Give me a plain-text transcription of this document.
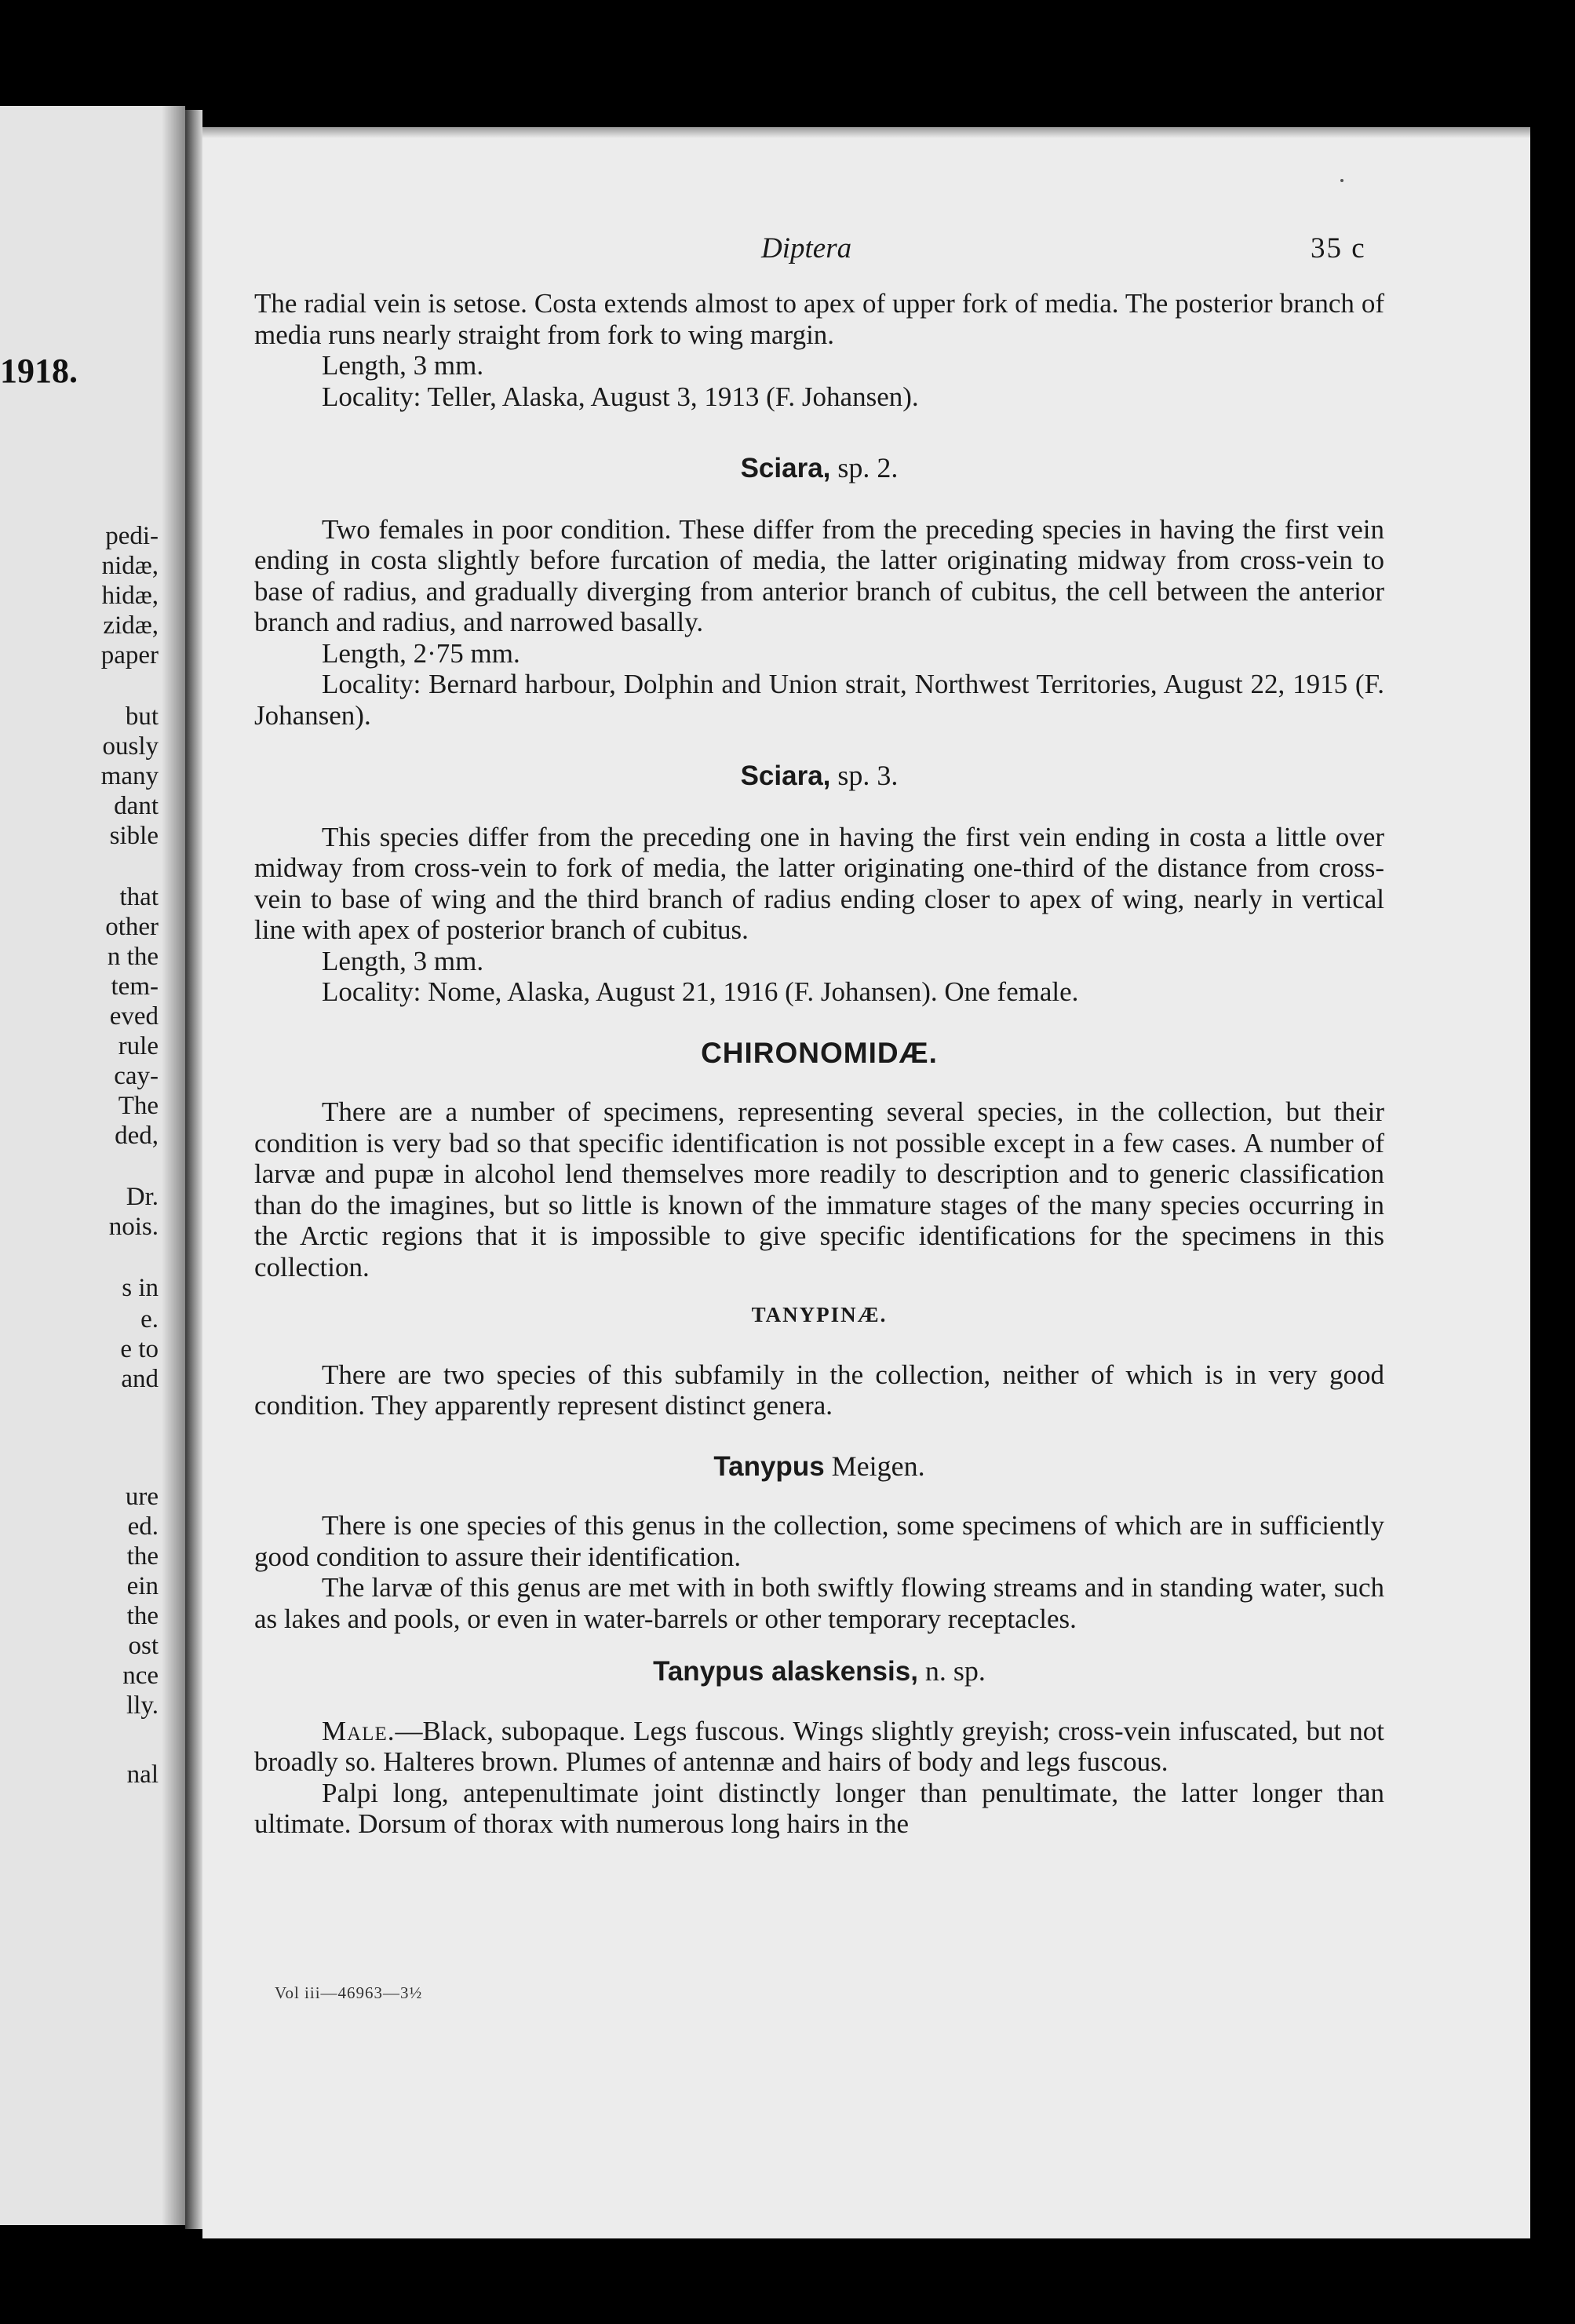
1918.
pedi-
nidæ,
hidæ,
zidæ,
paper
but
ously
many
dant
sible
that
other
n the
tem-
eved
rule
cay-
The
ded,
Dr.
nois.
s in
e.
e to
and
ure
ed.
the
ein
the
ost
nce
lly.
nal
Diptera	35 c

The radial vein is setose. Costa extends almost to apex of upper fork of media. The posterior branch of media runs nearly straight from fork to wing margin.

Length, 3 mm.

Locality: Teller, Alaska, August 3, 1913 (F. Johansen).

Sciara, sp. 2.

Two females in poor condition. These differ from the preceding species in having the first vein ending in costa slightly before furcation of media, the latter originating midway from cross-vein to base of radius, and gradually diverging from anterior branch of cubitus, the cell between the anterior branch and radius, and narrowed basally.

Length, 2·75 mm.

Locality: Bernard harbour, Dolphin and Union strait, Northwest Territories, August 22, 1915 (F. Johansen).

Sciara, sp. 3.

This species differ from the preceding one in having the first vein ending in costa a little over midway from cross-vein to fork of media, the latter originating one-third of the distance from cross-vein to base of wing and the third branch of radius ending closer to apex of wing, nearly in vertical line with apex of posterior branch of cubitus.

Length, 3 mm.

Locality: Nome, Alaska, August 21, 1916 (F. Johansen). One female.

CHIRONOMIDÆ.

There are a number of specimens, representing several species, in the collection, but their condition is very bad so that specific identification is not possible except in a few cases. A number of larvæ and pupæ in alcohol lend themselves more readily to description and to generic classification than do the imagines, but so little is known of the immature stages of the many species occurring in the Arctic regions that it is impossible to give specific identifications for the specimens in this collection.

TANYPINÆ.

There are two species of this subfamily in the collection, neither of which is in very good condition. They apparently represent distinct genera.

Tanypus Meigen.

There is one species of this genus in the collection, some specimens of which are in sufficiently good condition to assure their identification.

The larvæ of this genus are met with in both swiftly flowing streams and in standing water, such as lakes and pools, or even in water-barrels or other temporary receptacles.

Tanypus alaskensis, n. sp.

Male.—Black, subopaque. Legs fuscous. Wings slightly greyish; cross-vein infuscated, but not broadly so. Halteres brown. Plumes of antennæ and hairs of body and legs fuscous.

Palpi long, antepenultimate joint distinctly longer than penultimate, the latter longer than ultimate. Dorsum of thorax with numerous long hairs in the

Vol iii—46963—3½
